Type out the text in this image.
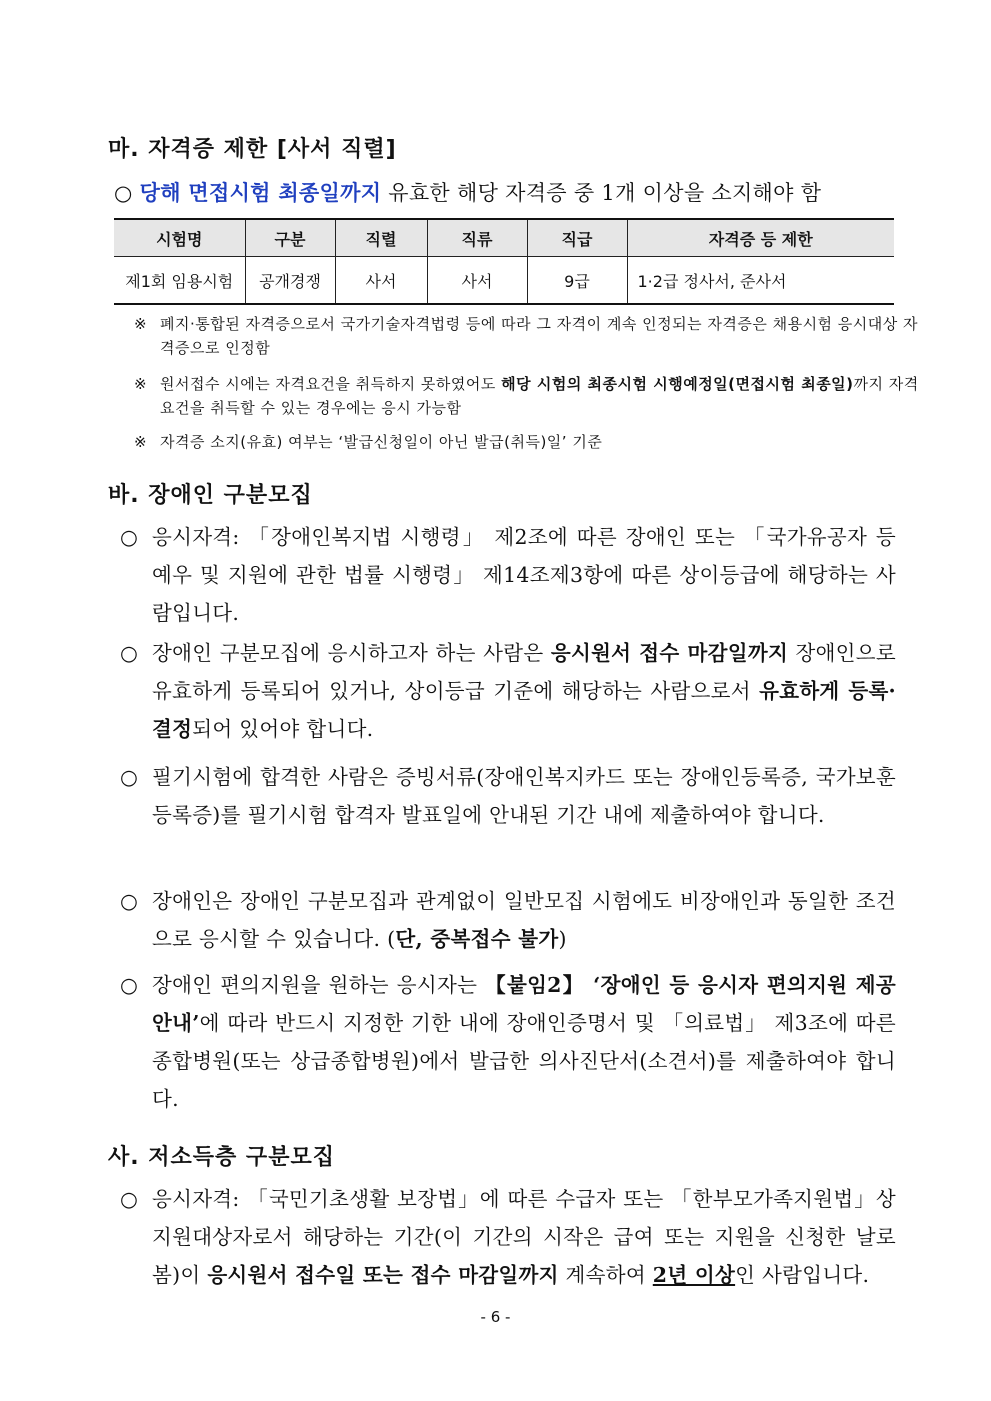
마. 자격증 제한 [사서 직렬]
○ 당해 면접시험 최종일까지 유효한 해당 자격증 중 1개 이상을 소지해야 함
시험명	구분	직렬	직류	직급	자격증 등 제한
제1회 임용시험	공개경쟁	사서	사서	9급	1·2급 정사서, 준사서
※ 폐지·통합된 자격증으로서 국가기술자격법령 등에 따라 그 자격이 계속 인정되는 자격증은 채용시험 응시대상 자격증으로 인정함
※ 원서접수 시에는 자격요건을 취득하지 못하였어도 해당 시험의 최종시험 시행예정일(면접시험 최종일)까지 자격요건을 취득할 수 있는 경우에는 응시 가능함
※ 자격증 소지(유효) 여부는 ‘발급신청일이 아닌 발급(취득)일’ 기준
바. 장애인 구분모집
○ 응시자격: 「장애인복지법 시행령」 제2조에 따른 장애인 또는 「국가유공자 등 예우 및 지원에 관한 법률 시행령」 제14조제3항에 따른 상이등급에 해당하는 사람입니다.
○ 장애인 구분모집에 응시하고자 하는 사람은 응시원서 접수 마감일까지 장애인으로 유효하게 등록되어 있거나, 상이등급 기준에 해당하는 사람으로서 유효하게 등록·결정되어 있어야 합니다.
○ 필기시험에 합격한 사람은 증빙서류(장애인복지카드 또는 장애인등록증, 국가보훈등록증)를 필기시험 합격자 발표일에 안내된 기간 내에 제출하여야 합니다.
○ 장애인은 장애인 구분모집과 관계없이 일반모집 시험에도 비장애인과 동일한 조건으로 응시할 수 있습니다. (단, 중복접수 불가)
○ 장애인 편의지원을 원하는 응시자는 【붙임2】 ‘장애인 등 응시자 편의지원 제공 안내’에 따라 반드시 지정한 기한 내에 장애인증명서 및 「의료법」 제3조에 따른 종합병원(또는 상급종합병원)에서 발급한 의사진단서(소견서)를 제출하여야 합니다.
사. 저소득층 구분모집
○ 응시자격: 「국민기초생활 보장법」에 따른 수급자 또는 「한부모가족지원법」상 지원대상자로서 해당하는 기간(이 기간의 시작은 급여 또는 지원을 신청한 날로 봄)이 응시원서 접수일 또는 접수 마감일까지 계속하여 2년 이상인 사람입니다.
- 6 -
